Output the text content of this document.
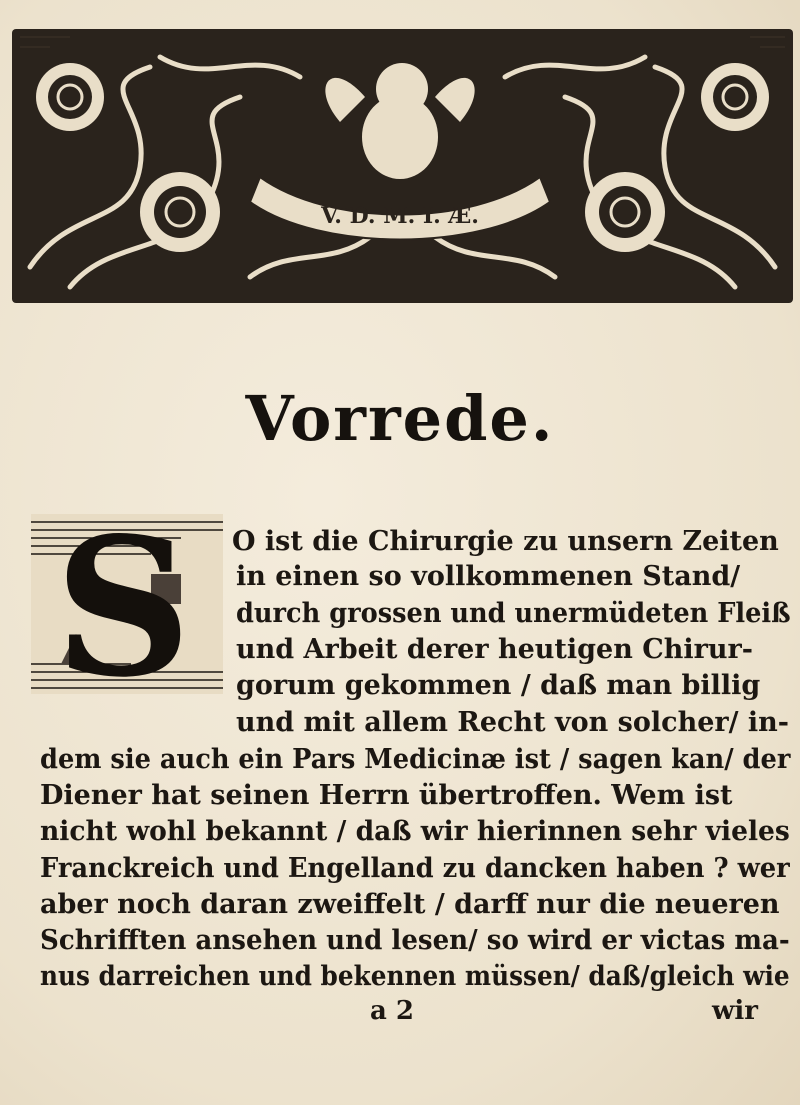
V. D. M. I. Æ.
Vorrede.
S O ist die Chirurgie zu unsern Zeiten
in einen so vollkommenen Stand/
durch grossen und unermüdeten Fleiß
und Arbeit derer heutigen Chirur-
gorum gekommen / daß man billig
und mit allem Recht von solcher/ in-
dem sie auch ein Pars Medicinæ ist / sagen kan/ der
Diener hat seinen Herrn übertroffen. Wem ist
nicht wohl bekannt / daß wir hierinnen sehr vieles
Franckreich und Engelland zu dancken haben ? wer
aber noch daran zweiffelt / darff nur die neueren
Schrifften ansehen und lesen/ so wird er victas ma-
nus darreichen und bekennen müssen/ daß/gleich wie
a 2	wir
